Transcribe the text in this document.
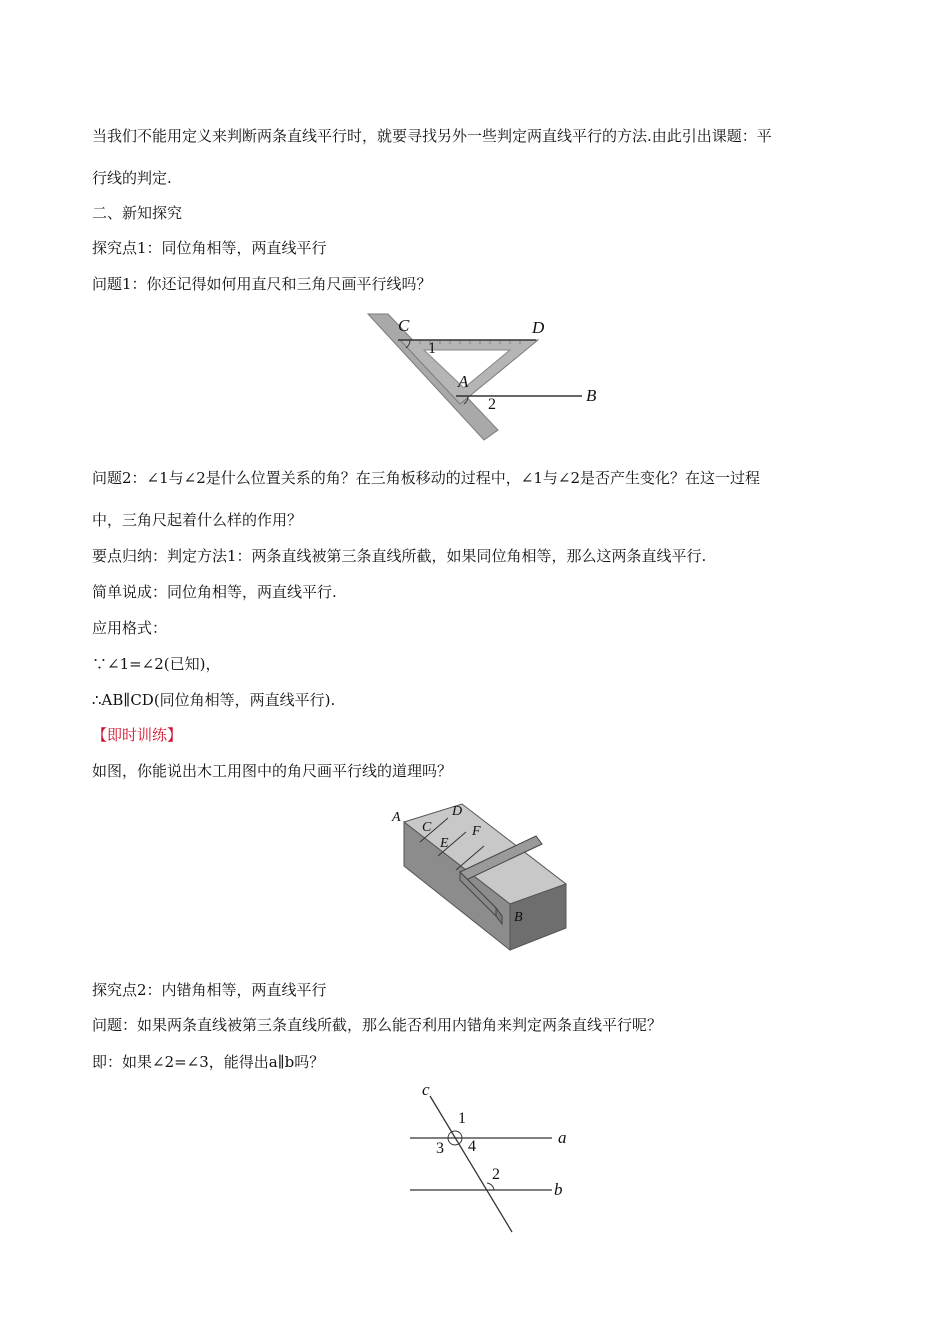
当我们不能用定义来判断两条直线平行时，就要寻找另外一些判定两直线平行的方法.由此引出课题：平
行线的判定.
二、新知探究
探究点1：同位角相等，两直线平行
问题1：你还记得如何用直尺和三角尺画平行线吗？
C	D
A
B
1
2
问题2：∠1与∠2是什么位置关系的角？在三角板移动的过程中，∠1与∠2是否产生变化？在这一过程
中，三角尺起着什么样的作用？
要点归纳：判定方法1：两条直线被第三条直线所截，如果同位角相等，那么这两条直线平行.
简单说成：同位角相等，两直线平行.
应用格式：
∵∠1=∠2(已知)，
∴AB∥CD(同位角相等，两直线平行).
【即时训练】
如图，你能说出木工用图中的角尺画平行线的道理吗？
A	D
C	F
E
B
探究点2：内错角相等，两直线平行
问题：如果两条直线被第三条直线所截，那么能否利用内错角来判定两条直线平行呢？
即：如果∠2=∠3，能得出a∥b吗？
c
a
b
1
3 4
2
